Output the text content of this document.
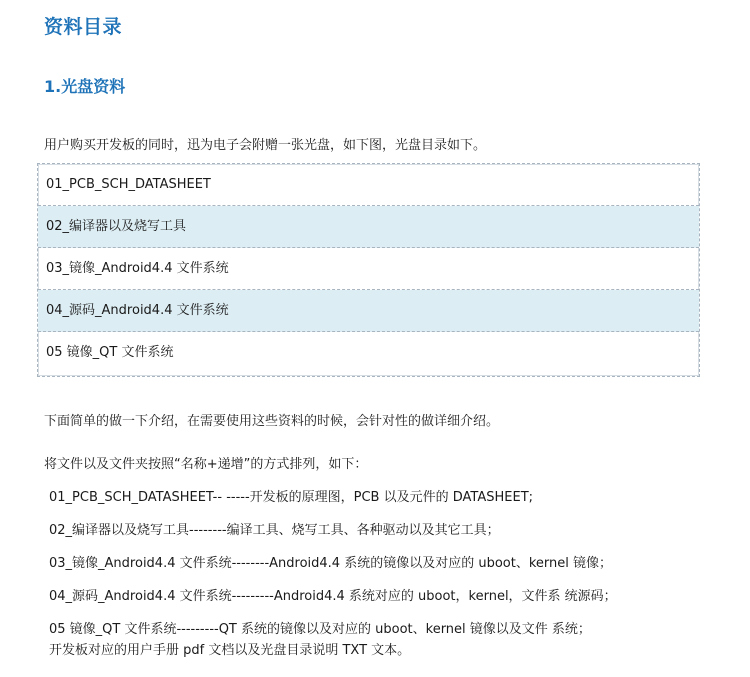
资料目录
1.光盘资料
用户购买开发板的同时，迅为电子会附赠一张光盘，如下图，光盘目录如下。
01_PCB_SCH_DATASHEET
02_编译器以及烧写工具
03_镜像_Android4.4 文件系统
04_源码_Android4.4 文件系统
05 镜像_QT 文件系统
下面简单的做一下介绍，在需要使用这些资料的时候，会针对性的做详细介绍。
将文件以及文件夹按照“名称+递增”的方式排列，如下：
01_PCB_SCH_DATASHEET-- -----开发板的原理图，PCB 以及元件的 DATASHEET;
02_编译器以及烧写工具--------编译工具、烧写工具、各种驱动以及其它工具；
03_镜像_Android4.4 文件系统--------Android4.4 系统的镜像以及对应的 uboot、kernel 镜像；
04_源码_Android4.4 文件系统---------Android4.4 系统对应的 uboot，kernel，文件系 统源码；
05 镜像_QT 文件系统---------QT 系统的镜像以及对应的 uboot、kernel 镜像以及文件 系统；
开发板对应的用户手册 pdf 文档以及光盘目录说明 TXT 文本。
